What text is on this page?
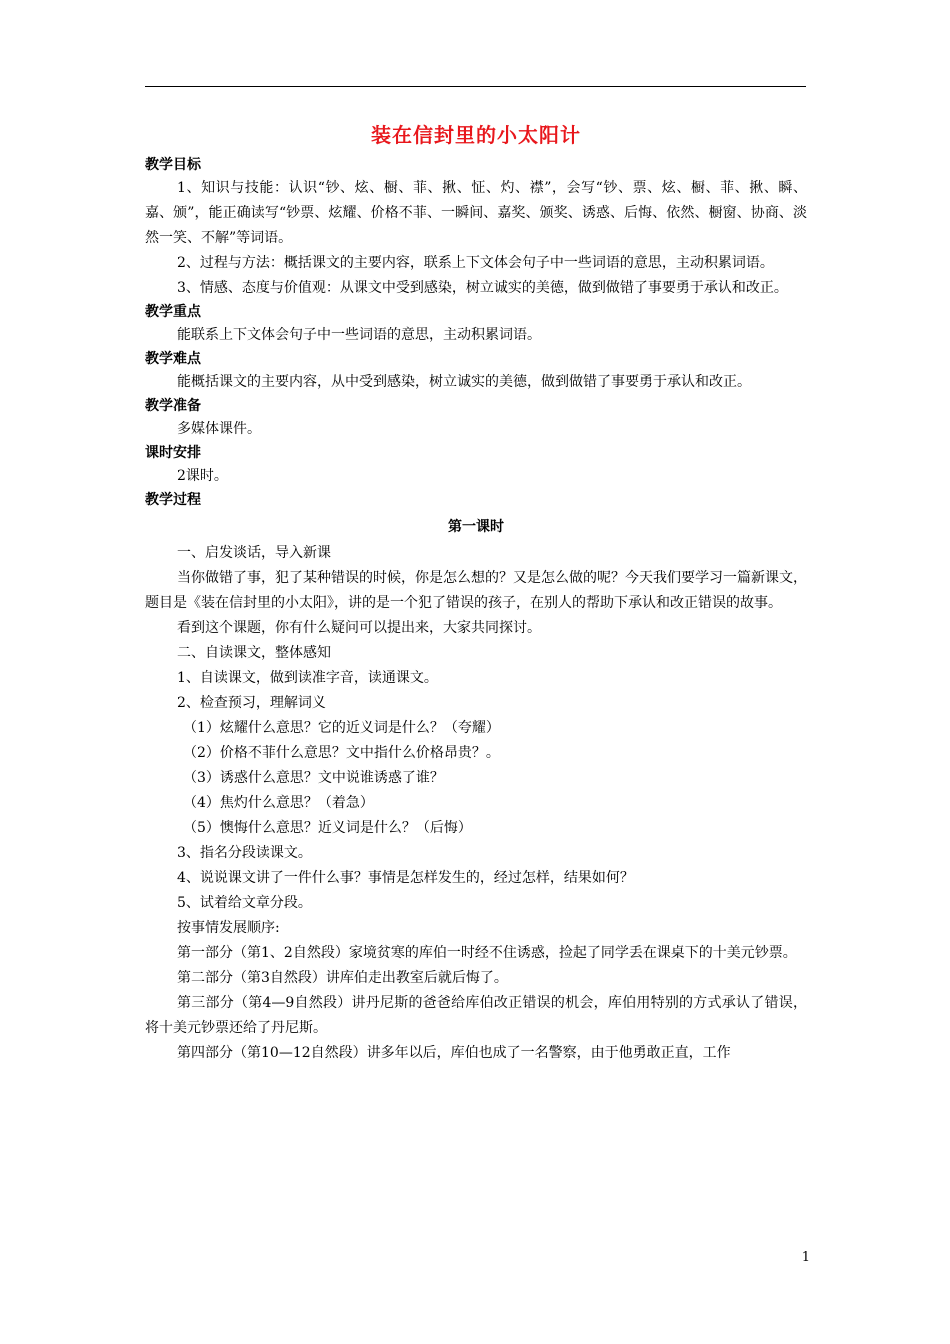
装在信封里的小太阳计
教学目标
1、知识与技能：认识“钞、炫、橱、菲、揪、怔、灼、襟”，会写“钞、票、炫、橱、菲、揪、瞬、嘉、颁”，能正确读写“钞票、炫耀、价格不菲、一瞬间、嘉奖、颁奖、诱惑、后悔、依然、橱窗、协商、淡然一笑、不解”等词语。
2、过程与方法：概括课文的主要内容，联系上下文体会句子中一些词语的意思，主动积累词语。
3、情感、态度与价值观：从课文中受到感染，树立诚实的美德，做到做错了事要勇于承认和改正。
教学重点
能联系上下文体会句子中一些词语的意思，主动积累词语。
教学难点
能概括课文的主要内容，从中受到感染，树立诚实的美德，做到做错了事要勇于承认和改正。
教学准备
多媒体课件。
课时安排
2课时。
教学过程
第一课时
一、启发谈话，导入新课
当你做错了事，犯了某种错误的时候，你是怎么想的？又是怎么做的呢？今天我们要学习一篇新课文，题目是《装在信封里的小太阳》，讲的是一个犯了错误的孩子，在别人的帮助下承认和改正错误的故事。
看到这个课题，你有什么疑问可以提出来，大家共同探讨。
二、自读课文，整体感知
1、自读课文，做到读准字音，读通课文。
2、检查预习，理解词义
（1）炫耀什么意思？它的近义词是什么？（夸耀）
（2）价格不菲什么意思？文中指什么价格昂贵？。
（3）诱惑什么意思？文中说谁诱惑了谁？
（4）焦灼什么意思？（着急）
（5）懊悔什么意思？近义词是什么？（后悔）
3、指名分段读课文。
4、说说课文讲了一件什么事？事情是怎样发生的，经过怎样，结果如何？
5、试着给文章分段。
按事情发展顺序:
第一部分（第1、2自然段）家境贫寒的库伯一时经不住诱惑，捡起了同学丢在课桌下的十美元钞票。
第二部分（第3自然段）讲库伯走出教室后就后悔了。
第三部分（第4—9自然段）讲丹尼斯的爸爸给库伯改正错误的机会，库伯用特别的方式承认了错误，将十美元钞票还给了丹尼斯。
第四部分（第10—12自然段）讲多年以后，库伯也成了一名警察，由于他勇敢正直，工作
1
